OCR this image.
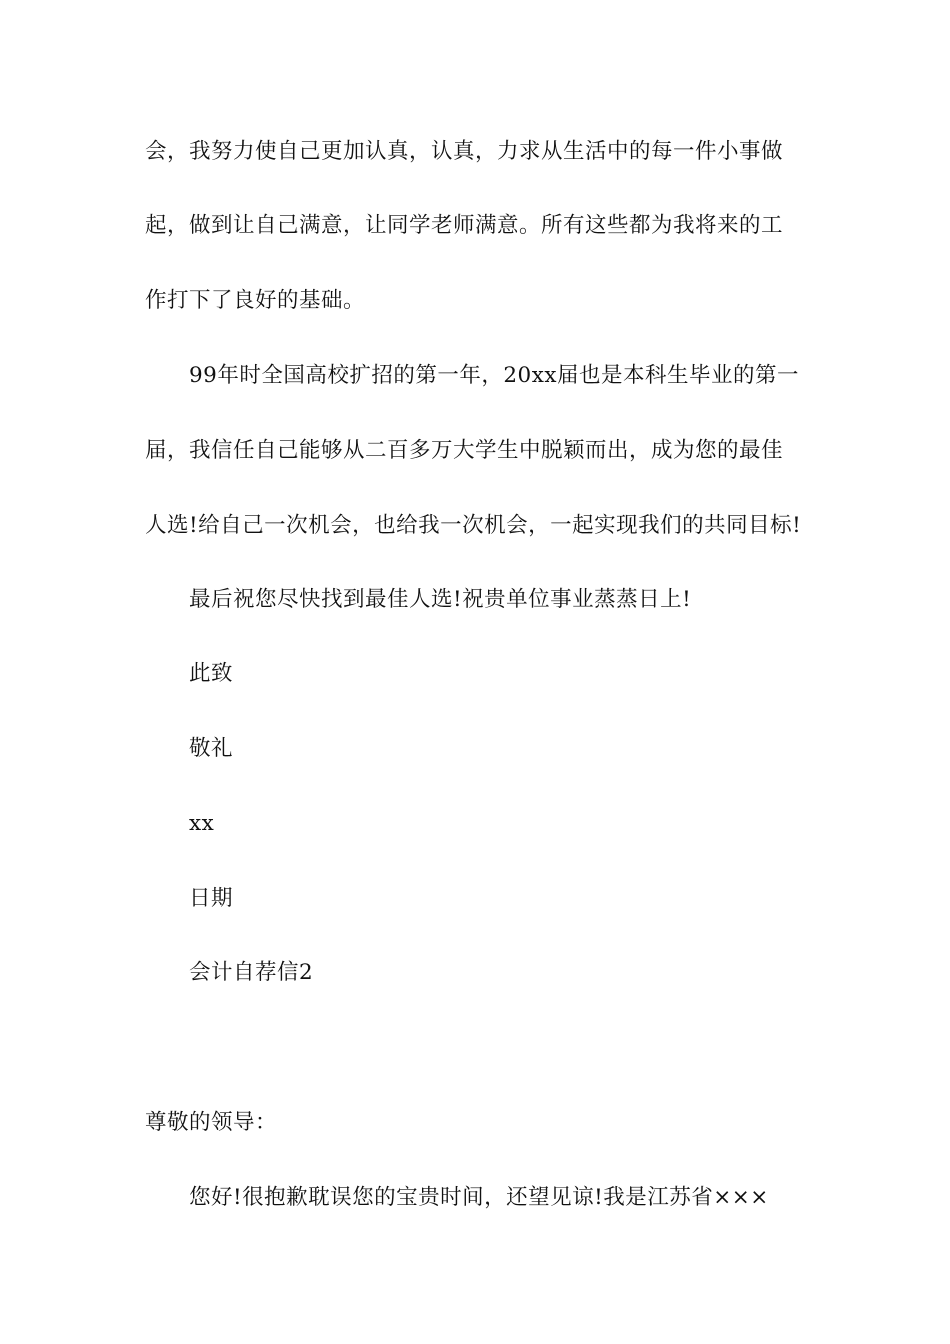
会，我努力使自己更加认真，认真，力求从生活中的每一件小事做
起，做到让自己满意，让同学老师满意。所有这些都为我将来的工
作打下了良好的基础。
99年时全国高校扩招的第一年，20xx届也是本科生毕业的第一
届，我信任自己能够从二百多万大学生中脱颖而出，成为您的最佳
人选!给自己一次机会，也给我一次机会，一起实现我们的共同目标!
最后祝您尽快找到最佳人选!祝贵单位事业蒸蒸日上!
此致
敬礼
xx
日期
会计自荐信2
尊敬的领导：
您好!很抱歉耽误您的宝贵时间，还望见谅!我是江苏省×××
